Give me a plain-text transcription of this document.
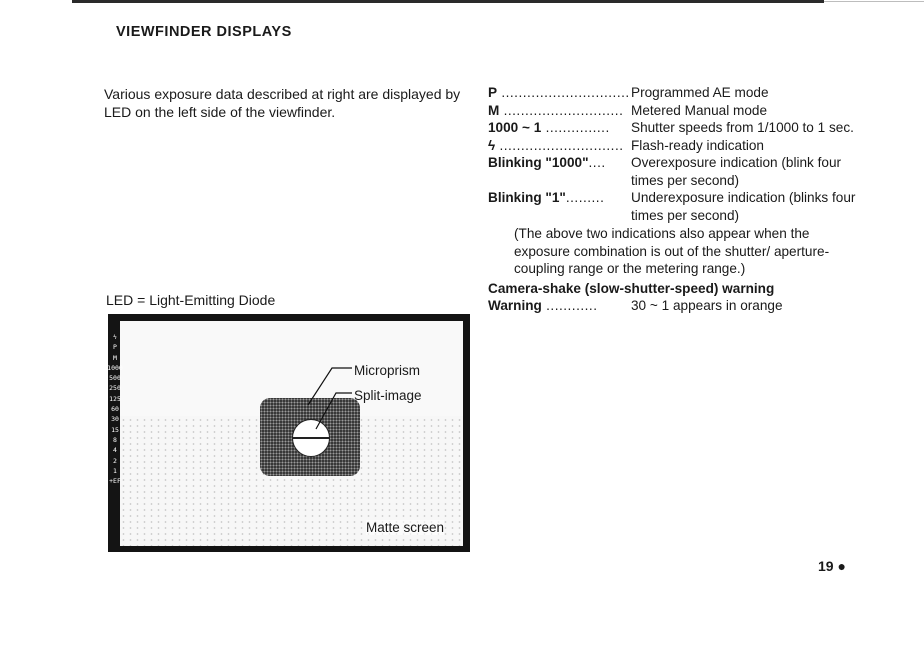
VIEWFINDER DISPLAYS

Various exposure data described at right are displayed by LED on the left side of the viewfinder.

LED = Light-Emitting Diode
P .............................. Programmed AE mode
M ............................ Metered Manual mode
1000 ~ 1 ...............	Shutter speeds from 1/1000 to 1 sec.
ϟ ............................. Flash-ready indication
Blinking "1000"....	Overexposure indication (blink four times per second)
Blinking "1".........	Underexposure indication (blinks four times per second)
(The above two indications also appear when the exposure combination is out of the shutter/ aperture-coupling range or the metering range.)
Camera-shake (slow-shutter-speed) warning
Warning ............	30 ~ 1 appears in orange
Microprism
Split-image
Matte screen
ϟ
P
M
1000
500
250
125
60
30
15
8
4
2
1
+EF
19 ●
